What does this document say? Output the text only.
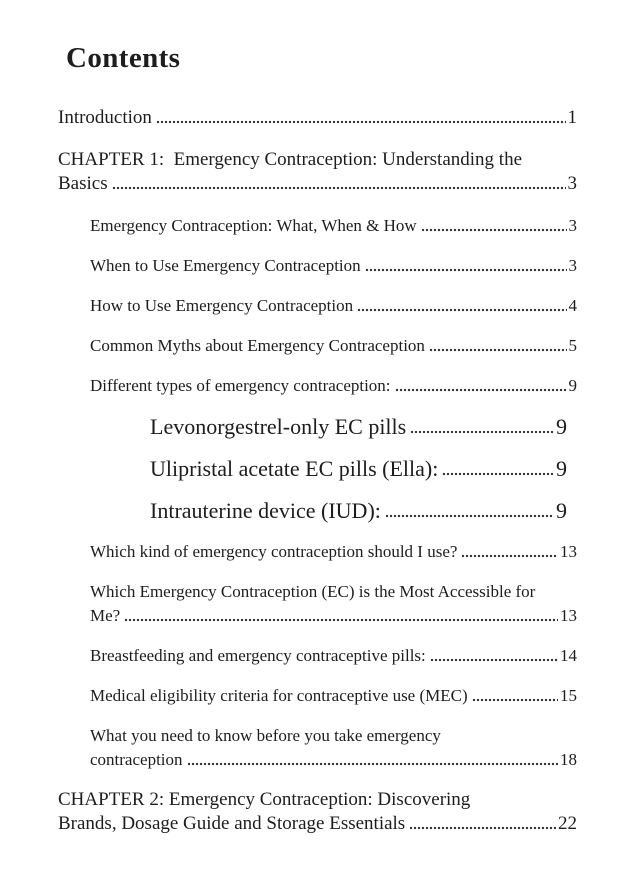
Contents
Introduction	1
CHAPTER 1:  Emergency Contraception: Understanding the
Basics	3
Emergency Contraception: What, When & How	3
When to Use Emergency Contraception	3
How to Use Emergency Contraception	4
Common Myths about Emergency Contraception	5
Different types of emergency contraception:	9
Levonorgestrel-only EC pills	9
Ulipristal acetate EC pills (Ella):	9
Intrauterine device (IUD):	9
Which kind of emergency contraception should I use?	13
Which Emergency Contraception (EC) is the Most Accessible for
Me?	13
Breastfeeding and emergency contraceptive pills:	14
Medical eligibility criteria for contraceptive use (MEC)	15
What you need to know before you take emergency
contraception	18
CHAPTER 2: Emergency Contraception: Discovering
Brands, Dosage Guide and Storage Essentials	22
